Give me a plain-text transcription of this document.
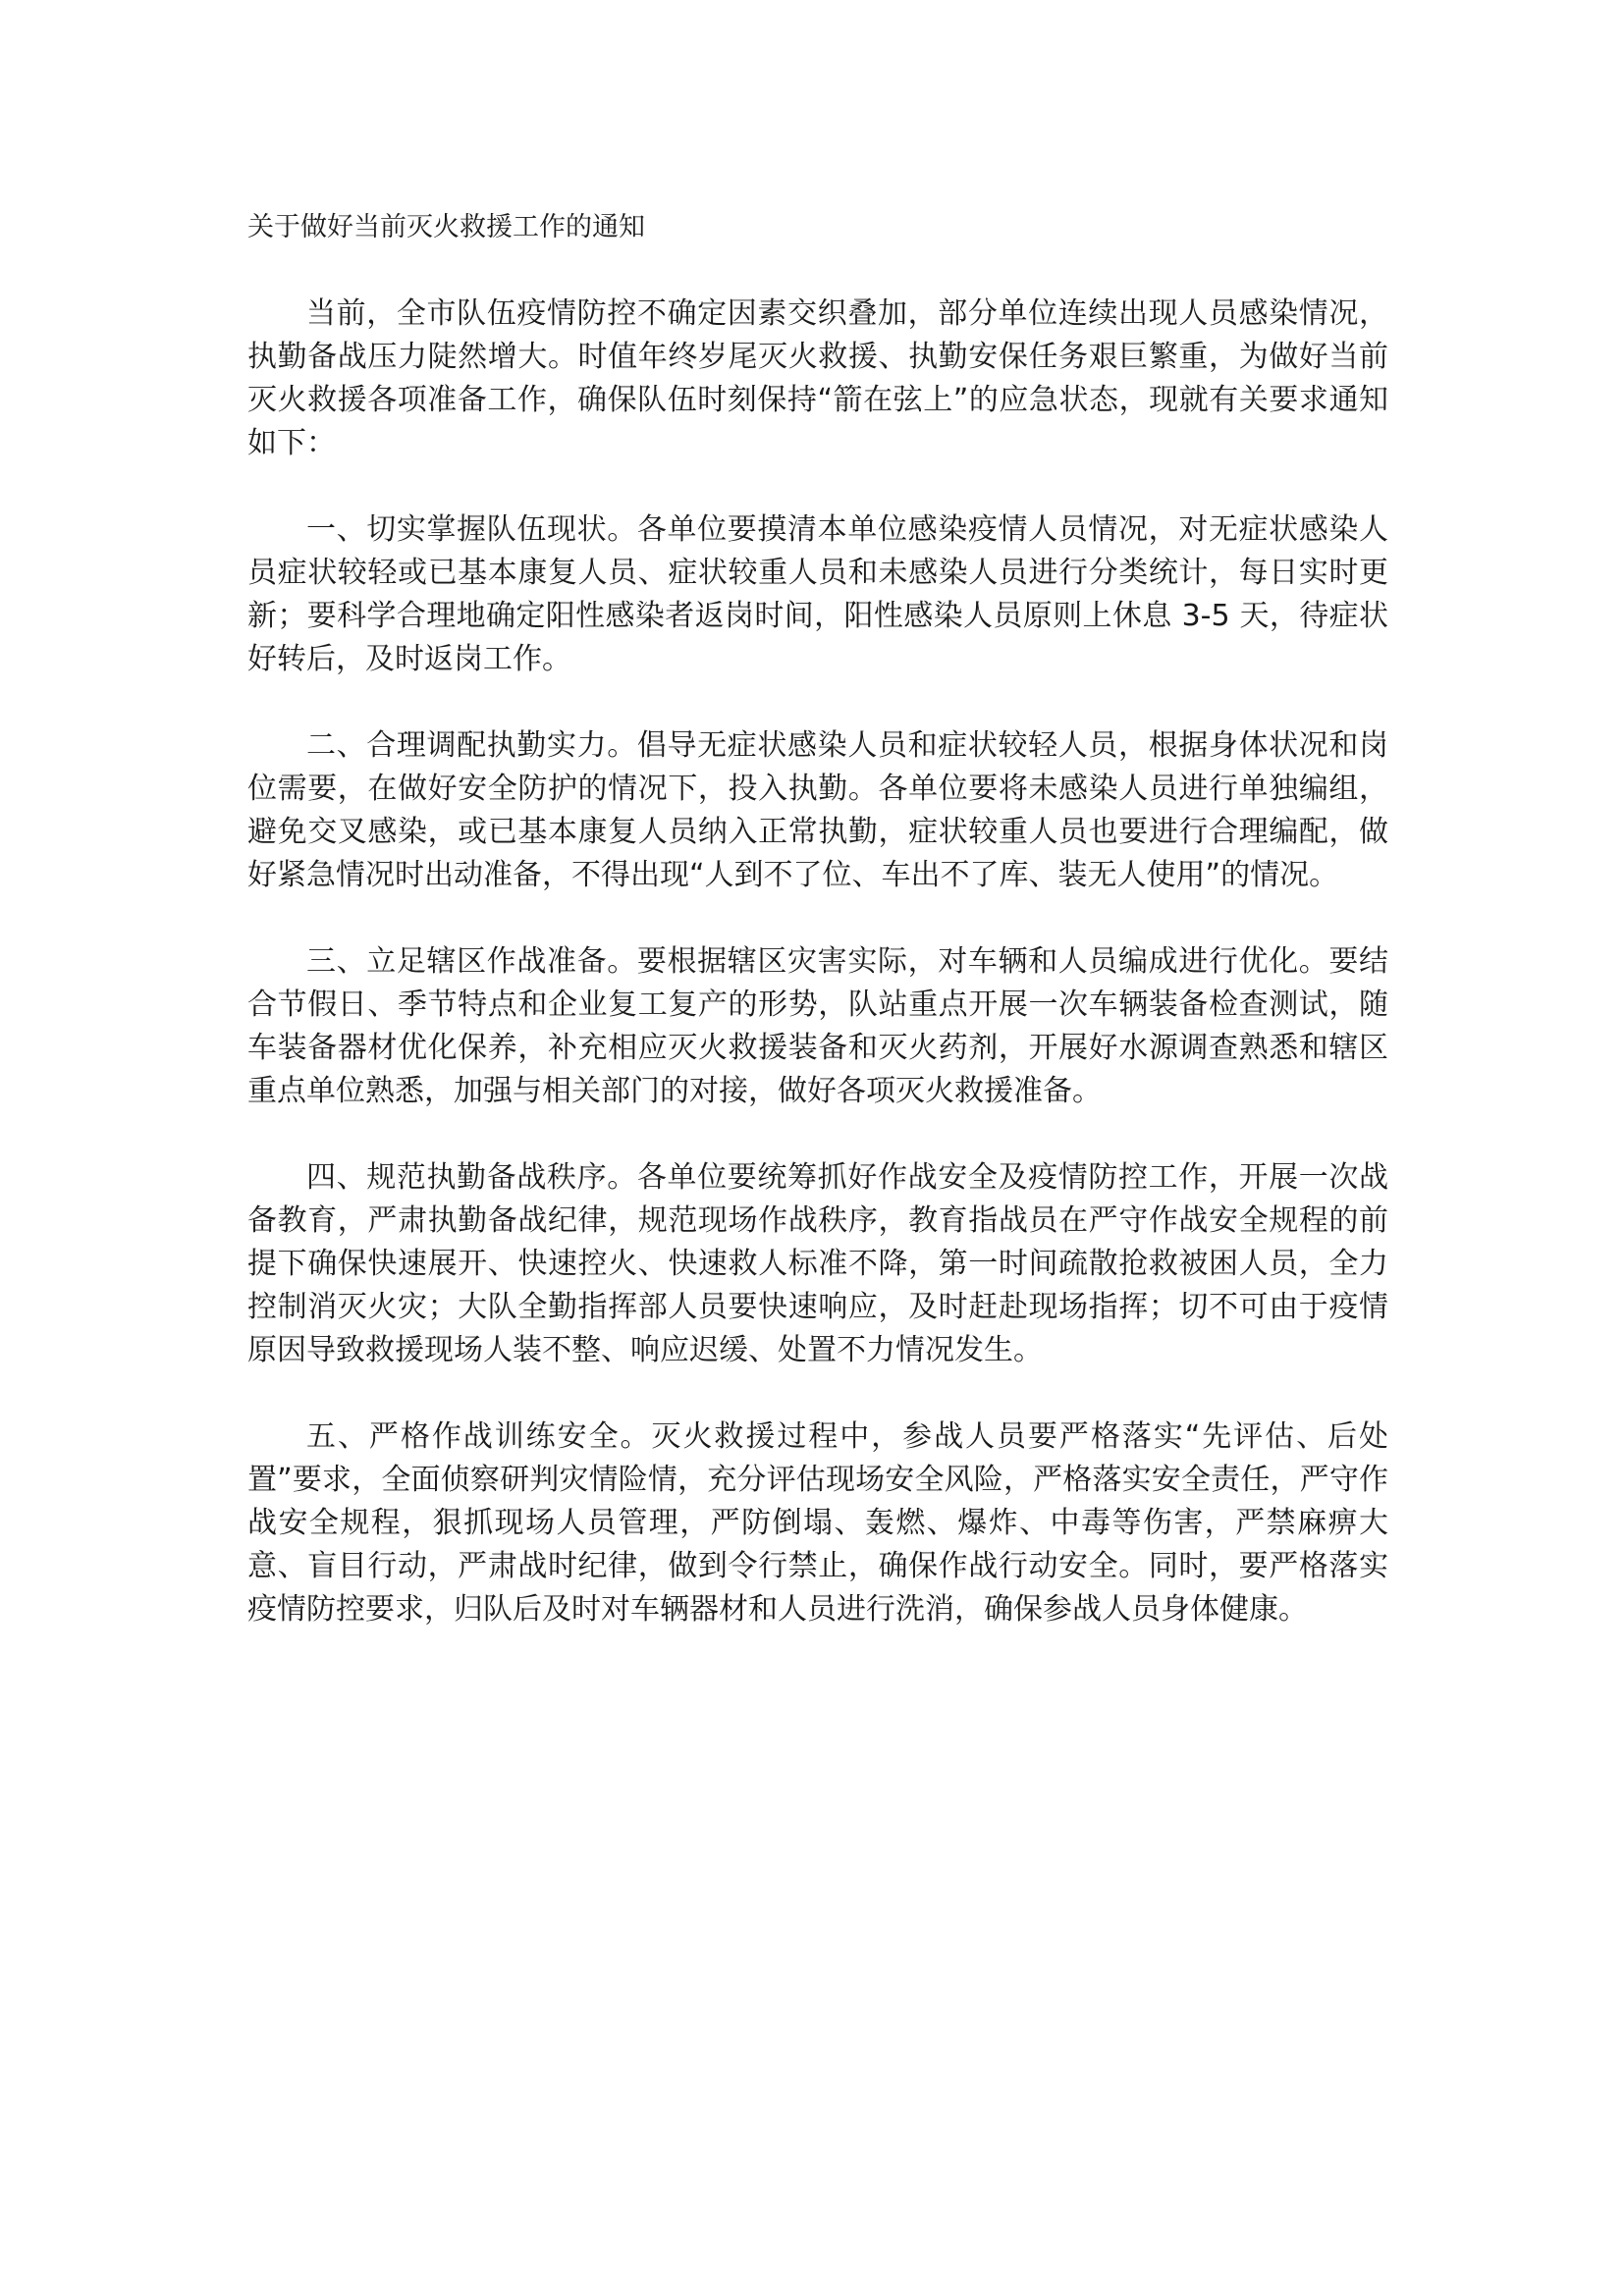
关于做好当前灭火救援工作的通知

当前，全市队伍疫情防控不确定因素交织叠加，部分单位连续出现人员感染情况，执勤备战压力陡然增大。时值年终岁尾灭火救援、执勤安保任务艰巨繁重，为做好当前灭火救援各项准备工作，确保队伍时刻保持“箭在弦上”的应急状态，现就有关要求通知如下：

一、切实掌握队伍现状。各单位要摸清本单位感染疫情人员情况，对无症状感染人员症状较轻或已基本康复人员、症状较重人员和未感染人员进行分类统计，每日实时更新；要科学合理地确定阳性感染者返岗时间，阳性感染人员原则上休息 3-5 天，待症状好转后，及时返岗工作。

二、合理调配执勤实力。倡导无症状感染人员和症状较轻人员，根据身体状况和岗位需要，在做好安全防护的情况下，投入执勤。各单位要将未感染人员进行单独编组，避免交叉感染，或已基本康复人员纳入正常执勤，症状较重人员也要进行合理编配，做好紧急情况时出动准备，不得出现“人到不了位、车出不了库、装无人使用”的情况。

三、立足辖区作战准备。要根据辖区灾害实际，对车辆和人员编成进行优化。要结合节假日、季节特点和企业复工复产的形势，队站重点开展一次车辆装备检查测试，随车装备器材优化保养，补充相应灭火救援装备和灭火药剂，开展好水源调查熟悉和辖区重点单位熟悉，加强与相关部门的对接，做好各项灭火救援准备。

四、规范执勤备战秩序。各单位要统筹抓好作战安全及疫情防控工作，开展一次战备教育，严肃执勤备战纪律，规范现场作战秩序，教育指战员在严守作战安全规程的前提下确保快速展开、快速控火、快速救人标准不降，第一时间疏散抢救被困人员，全力控制消灭火灾；大队全勤指挥部人员要快速响应，及时赶赴现场指挥；切不可由于疫情原因导致救援现场人装不整、响应迟缓、处置不力情况发生。

五、严格作战训练安全。灭火救援过程中，参战人员要严格落实“先评估、后处置”要求，全面侦察研判灾情险情，充分评估现场安全风险，严格落实安全责任，严守作战安全规程，狠抓现场人员管理，严防倒塌、轰燃、爆炸、中毒等伤害，严禁麻痹大意、盲目行动，严肃战时纪律，做到令行禁止，确保作战行动安全。同时，要严格落实疫情防控要求，归队后及时对车辆器材和人员进行洗消，确保参战人员身体健康。
